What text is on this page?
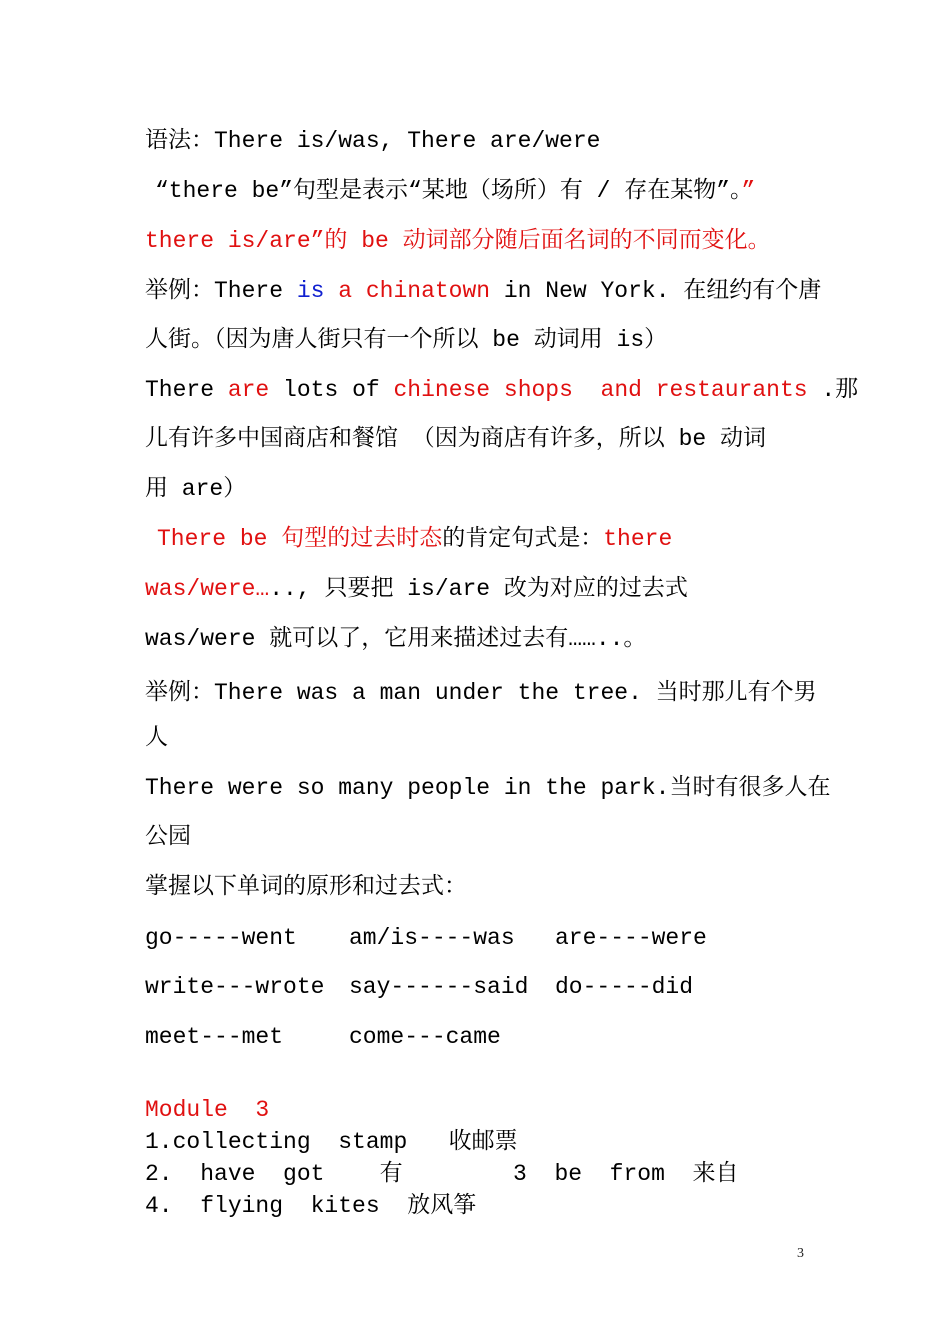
语法：There is/was, There are/were
“there be”句型是表示“某地（场所）有 / 存在某物”。”
there is/are”的 be 动词部分随后面名词的不同而变化。
举例：There is a chinatown in New York. 在纽约有个唐
人街。（因为唐人街只有一个所以 be 动词用 is）
There are lots of chinese shops  and restaurants .那
儿有许多中国商店和餐馆 （因为商店有许多，所以 be 动词
用 are）
There be 句型的过去时态的肯定句式是：there
was/were….., 只要把 is/are 改为对应的过去式
was/were 就可以了，它用来描述过去有……..。
举例：There was a man under the tree. 当时那儿有个男
人
There were so many people in the park.当时有很多人在
公园
掌握以下单词的原形和过去式：
go-----went am/is----was are----were
write---wrote say------said do-----did
meet---met	come---came
Module  3
1.collecting  stamp   收邮票
2.  have  got    有        3  be  from  来自
4.  flying  kites  放风筝
3
